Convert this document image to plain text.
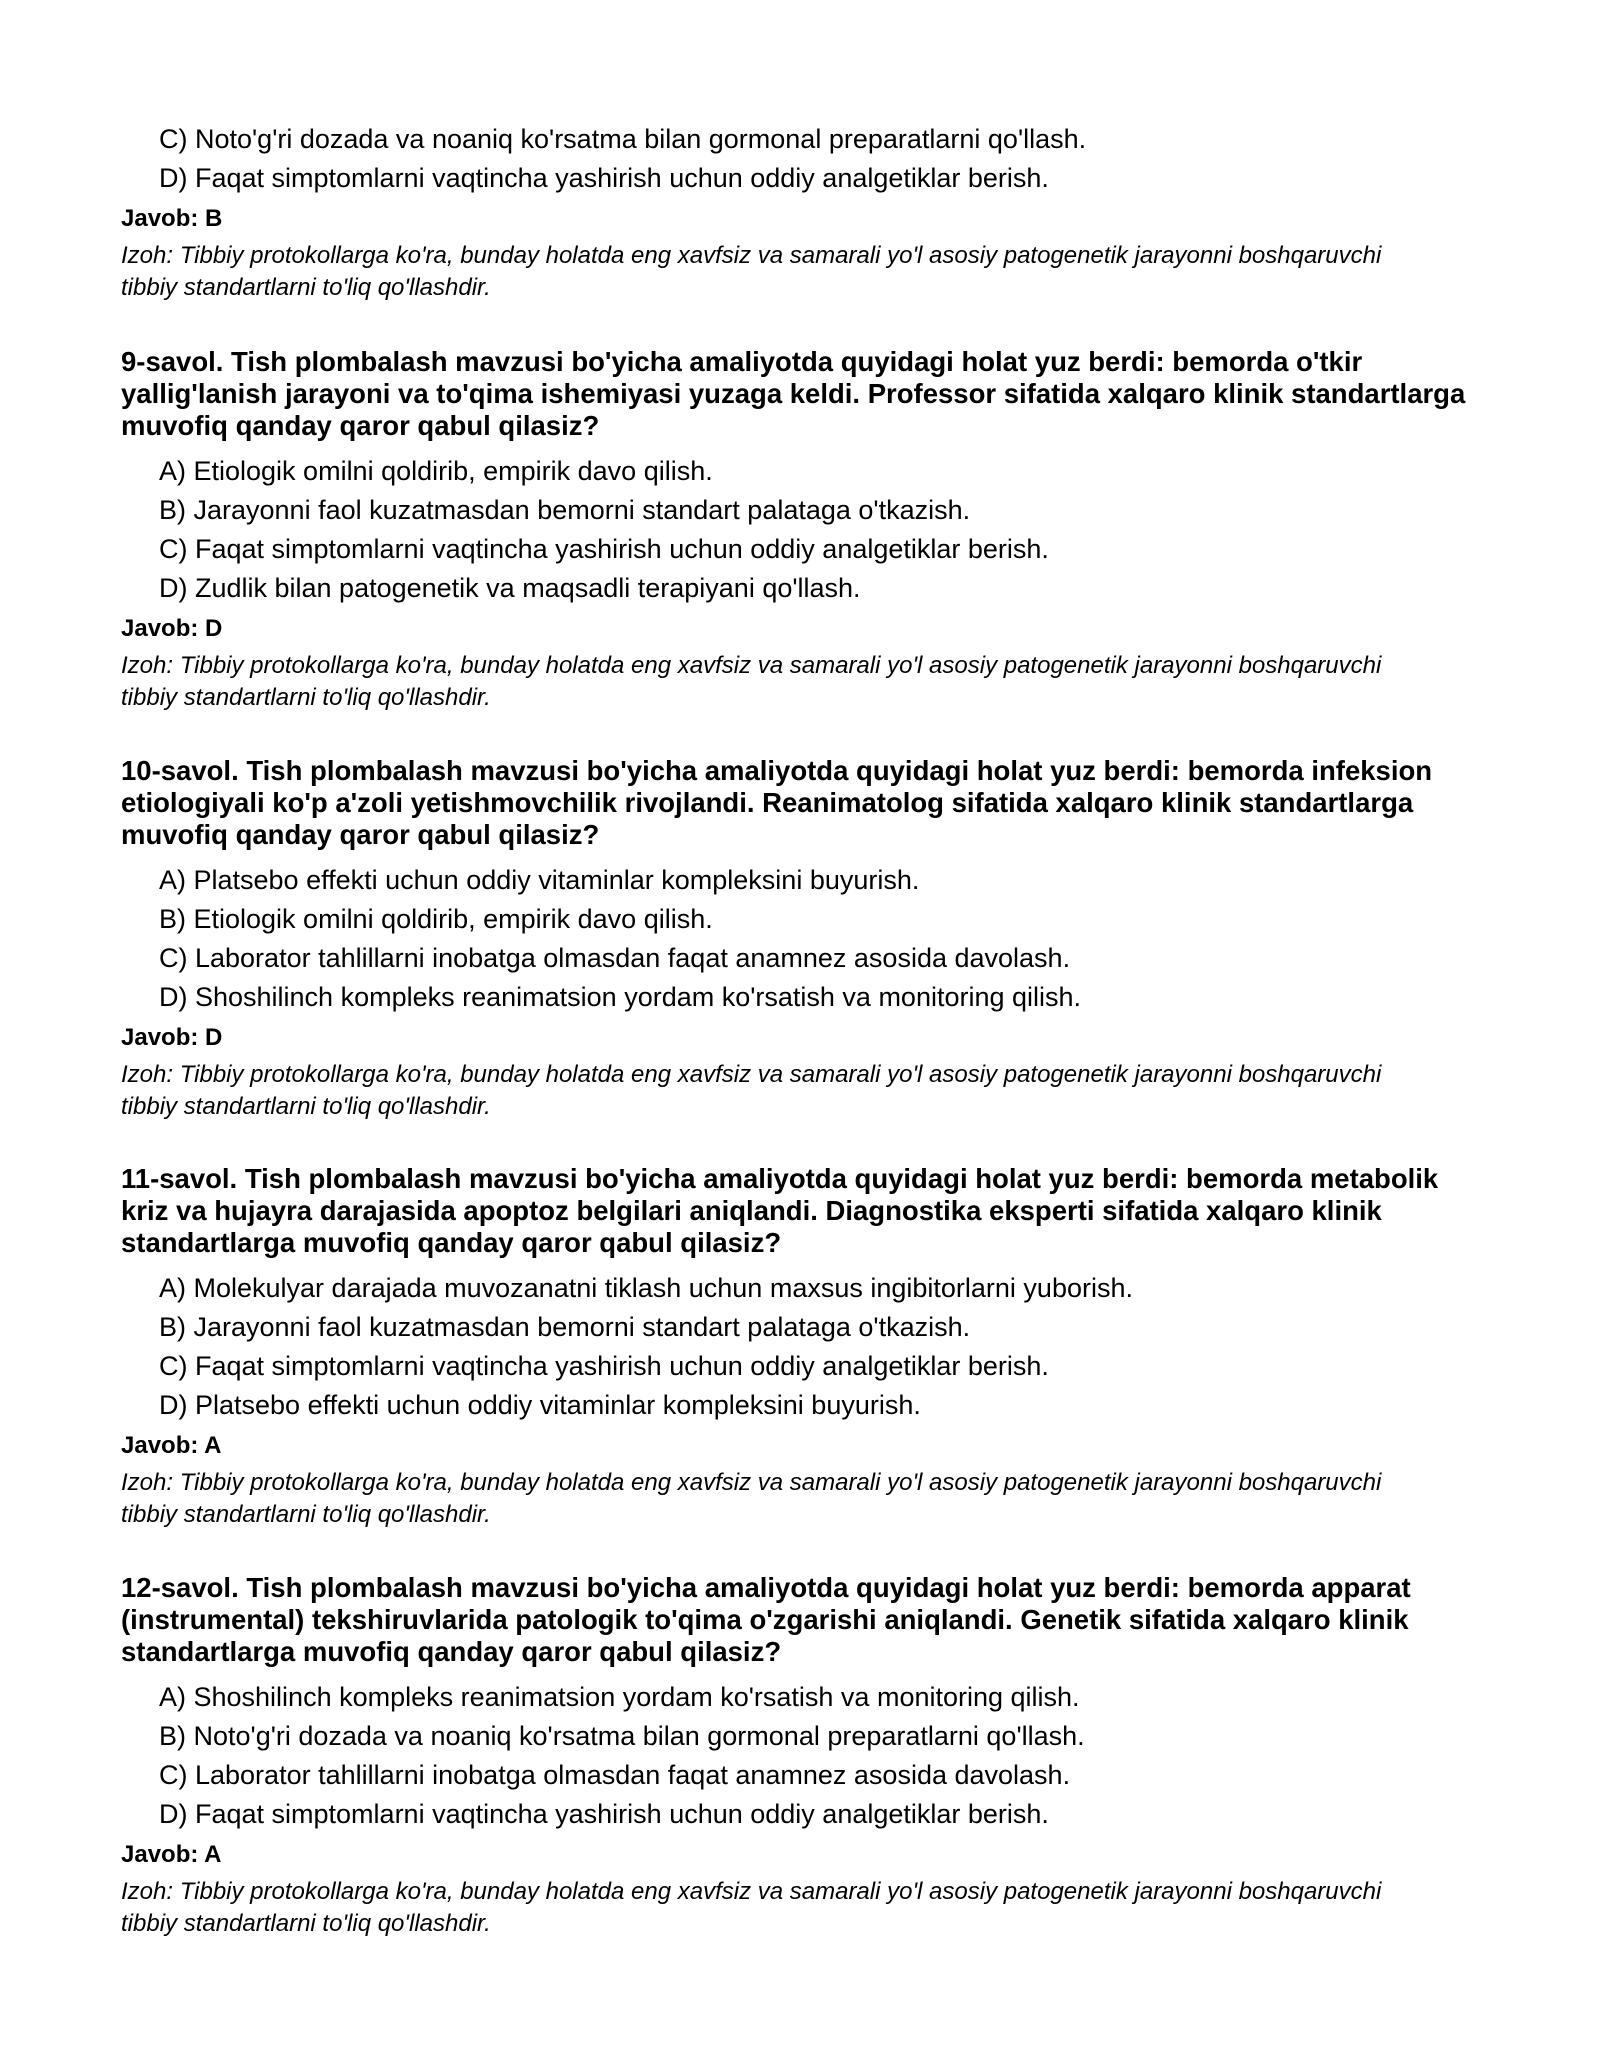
C) Noto'g'ri dozada va noaniq ko'rsatma bilan gormonal preparatlarni qo'llash.
D) Faqat simptomlarni vaqtincha yashirish uchun oddiy analgetiklar berish.
Javob: B
Izoh: Tibbiy protokollarga ko'ra, bunday holatda eng xavfsiz va samarali yo'l asosiy patogenetik jarayonni boshqaruvchi tibbiy standartlarni to'liq qo'llashdir.
9-savol. Tish plombalash mavzusi bo'yicha amaliyotda quyidagi holat yuz berdi: bemorda o'tkir yallig'lanish jarayoni va to'qima ishemiyasi yuzaga keldi. Professor sifatida xalqaro klinik standartlarga muvofiq qanday qaror qabul qilasiz?
A) Etiologik omilni qoldirib, empirik davo qilish.
B) Jarayonni faol kuzatmasdan bemorni standart palataga o'tkazish.
C) Faqat simptomlarni vaqtincha yashirish uchun oddiy analgetiklar berish.
D) Zudlik bilan patogenetik va maqsadli terapiyani qo'llash.
Javob: D
Izoh: Tibbiy protokollarga ko'ra, bunday holatda eng xavfsiz va samarali yo'l asosiy patogenetik jarayonni boshqaruvchi tibbiy standartlarni to'liq qo'llashdir.
10-savol. Tish plombalash mavzusi bo'yicha amaliyotda quyidagi holat yuz berdi: bemorda infeksion etiologiyali ko'p a'zoli yetishmovchilik rivojlandi. Reanimatolog sifatida xalqaro klinik standartlarga muvofiq qanday qaror qabul qilasiz?
A) Platsebo effekti uchun oddiy vitaminlar kompleksini buyurish.
B) Etiologik omilni qoldirib, empirik davo qilish.
C) Laborator tahlillarni inobatga olmasdan faqat anamnez asosida davolash.
D) Shoshilinch kompleks reanimatsion yordam ko'rsatish va monitoring qilish.
Javob: D
Izoh: Tibbiy protokollarga ko'ra, bunday holatda eng xavfsiz va samarali yo'l asosiy patogenetik jarayonni boshqaruvchi tibbiy standartlarni to'liq qo'llashdir.
11-savol. Tish plombalash mavzusi bo'yicha amaliyotda quyidagi holat yuz berdi: bemorda metabolik kriz va hujayra darajasida apoptoz belgilari aniqlandi. Diagnostika eksperti sifatida xalqaro klinik standartlarga muvofiq qanday qaror qabul qilasiz?
A) Molekulyar darajada muvozanatni tiklash uchun maxsus ingibitorlarni yuborish.
B) Jarayonni faol kuzatmasdan bemorni standart palataga o'tkazish.
C) Faqat simptomlarni vaqtincha yashirish uchun oddiy analgetiklar berish.
D) Platsebo effekti uchun oddiy vitaminlar kompleksini buyurish.
Javob: A
Izoh: Tibbiy protokollarga ko'ra, bunday holatda eng xavfsiz va samarali yo'l asosiy patogenetik jarayonni boshqaruvchi tibbiy standartlarni to'liq qo'llashdir.
12-savol. Tish plombalash mavzusi bo'yicha amaliyotda quyidagi holat yuz berdi: bemorda apparat (instrumental) tekshiruvlarida patologik to'qima o'zgarishi aniqlandi. Genetik sifatida xalqaro klinik standartlarga muvofiq qanday qaror qabul qilasiz?
A) Shoshilinch kompleks reanimatsion yordam ko'rsatish va monitoring qilish.
B) Noto'g'ri dozada va noaniq ko'rsatma bilan gormonal preparatlarni qo'llash.
C) Laborator tahlillarni inobatga olmasdan faqat anamnez asosida davolash.
D) Faqat simptomlarni vaqtincha yashirish uchun oddiy analgetiklar berish.
Javob: A
Izoh: Tibbiy protokollarga ko'ra, bunday holatda eng xavfsiz va samarali yo'l asosiy patogenetik jarayonni boshqaruvchi tibbiy standartlarni to'liq qo'llashdir.
